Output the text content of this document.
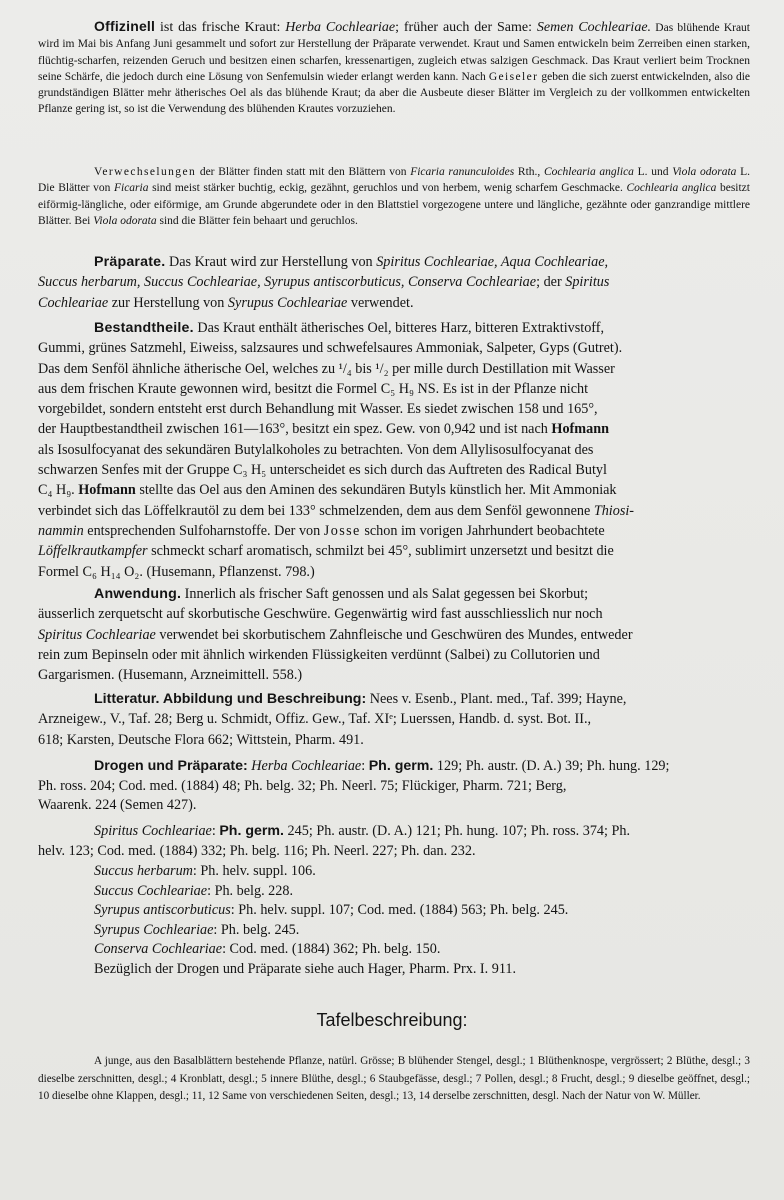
Offizinell ist das frische Kraut: Herba Cochleariae; früher auch der Same: Semen Cochleariae. Das blühende Kraut wird im Mai bis Anfang Juni gesammelt und sofort zur Herstellung der Präparate verwendet. Kraut und Samen entwickeln beim Zerreiben einen starken, flüchtig-scharfen, reizenden Geruch und besitzen einen scharfen, kressenartigen, zugleich etwas salzigen Geschmack. Das Kraut verliert beim Trocknen seine Schärfe, die jedoch durch eine Lösung von Senfemulsin wieder erlangt werden kann. Nach Geiseler geben die sich zuerst entwickelnden, also die grundständigen Blätter mehr ätherisches Oel als das blühende Kraut; da aber die Ausbeute dieser Blätter im Vergleich zu der vollkommen entwickelten Pflanze gering ist, so ist die Verwendung des blühenden Krautes vorzuziehen.

Verwechselungen der Blätter finden statt mit den Blättern von Ficaria ranunculoides Rth., Cochlearia anglica L. und Viola odorata L. Die Blätter von Ficaria sind meist stärker buchtig, eckig, gezähnt, geruchlos und von herbem, wenig scharfem Geschmacke. Cochlearia anglica besitzt eiförmig-längliche, oder eiförmige, am Grunde abgerundete oder in den Blattstiel vorgezogene untere und längliche, gezähnte oder ganzrandige mittlere Blätter. Bei Viola odorata sind die Blätter fein behaart und geruchlos.

Präparate. Das Kraut wird zur Herstellung von Spiritus Cochleariae, Aqua Cochleariae,
Succus herbarum, Succus Cochleariae, Syrupus antiscorbuticus, Conserva Cochleariae; der Spiritus
Cochleariae zur Herstellung von Syrupus Cochleariae verwendet.
Bestandtheile. Das Kraut enthält ätherisches Oel, bitteres Harz, bitteren Extraktivstoff,
Gummi, grünes Satzmehl, Eiweiss, salzsaures und schwefelsaures Ammoniak, Salpeter, Gyps (Gutret).
Das dem Senföl ähnliche ätherische Oel, welches zu ¹/₄ bis ¹/₂ per mille durch Destillation mit Wasser
aus dem frischen Kraute gewonnen wird, besitzt die Formel C₅ H₉ NS. Es ist in der Pflanze nicht
vorgebildet, sondern entsteht erst durch Behandlung mit Wasser. Es siedet zwischen 158 und 165°,
der Hauptbestandtheil zwischen 161—163°, besitzt ein spez. Gew. von 0,942 und ist nach Hofmann
als Isosulfocyanat des sekundären Butylalkoholes zu betrachten. Von dem Allylisosulfocyanat des
schwarzen Senfes mit der Gruppe C₃ H₅ unterscheidet es sich durch das Auftreten des Radical Butyl
C₄ H₉. Hofmann stellte das Oel aus den Aminen des sekundären Butyls künstlich her. Mit Ammoniak
verbindet sich das Löffelkrautöl zu dem bei 133° schmelzenden, dem aus dem Senföl gewonnene Thiosi-
nammin entsprechenden Sulfoharnstoffe. Der von Josse schon im vorigen Jahrhundert beobachtete
Löffelkrautkampfer schmeckt scharf aromatisch, schmilzt bei 45°, sublimirt unzersetzt und besitzt die
Formel C₆ H₁₄ O₂. (Husemann, Pflanzenst. 798.)
Anwendung. Innerlich als frischer Saft genossen und als Salat gegessen bei Skorbut;
äusserlich zerquetscht auf skorbutische Geschwüre. Gegenwärtig wird fast ausschliesslich nur noch
Spiritus Cochleariae verwendet bei skorbutischem Zahnfleische und Geschwüren des Mundes, entweder
rein zum Bepinseln oder mit ähnlich wirkenden Flüssigkeiten verdünnt (Salbei) zu Collutorien und
Gargarismen. (Husemann, Arzneimittell. 558.)
Litteratur. Abbildung und Beschreibung: Nees v. Esenb., Plant. med., Taf. 399; Hayne,
Arzneigew., V., Taf. 28; Berg u. Schmidt, Offiz. Gew., Taf. XIᵉ; Luerssen, Handb. d. syst. Bot. II.,
618; Karsten, Deutsche Flora 662; Wittstein, Pharm. 491.
Drogen und Präparate: Herba Cochleariae: Ph. germ. 129; Ph. austr. (D. A.) 39; Ph. hung. 129;
Ph. ross. 204; Cod. med. (1884) 48; Ph. belg. 32; Ph. Neerl. 75; Flückiger, Pharm. 721; Berg,
Waarenk. 224 (Semen 427).
Spiritus Cochleariae: Ph. germ. 245; Ph. austr. (D. A.) 121; Ph. hung. 107; Ph. ross. 374; Ph.
helv. 123; Cod. med. (1884) 332; Ph. belg. 116; Ph. Neerl. 227; Ph. dan. 232.
Succus herbarum: Ph. helv. suppl. 106.
Succus Cochleariae: Ph. belg. 228.
Syrupus antiscorbuticus: Ph. helv. suppl. 107; Cod. med. (1884) 563; Ph. belg. 245.
Syrupus Cochleariae: Ph. belg. 245.
Conserva Cochleariae: Cod. med. (1884) 362; Ph. belg. 150.
Bezüglich der Drogen und Präparate siehe auch Hager, Pharm. Prx. I. 911.
Tafelbeschreibung:

A junge, aus den Basalblättern bestehende Pflanze, natürl. Grösse; B blühender Stengel, desgl.; 1 Blüthenknospe, vergrössert; 2 Blüthe, desgl.; 3 dieselbe zerschnitten, desgl.; 4 Kronblatt, desgl.; 5 innere Blüthe, desgl.; 6 Staubgefässe, desgl.; 7 Pollen, desgl.; 8 Frucht, desgl.; 9 dieselbe geöffnet, desgl.; 10 dieselbe ohne Klappen, desgl.; 11, 12 Same von verschiedenen Seiten, desgl.; 13, 14 derselbe zerschnitten, desgl. Nach der Natur von W. Müller.
